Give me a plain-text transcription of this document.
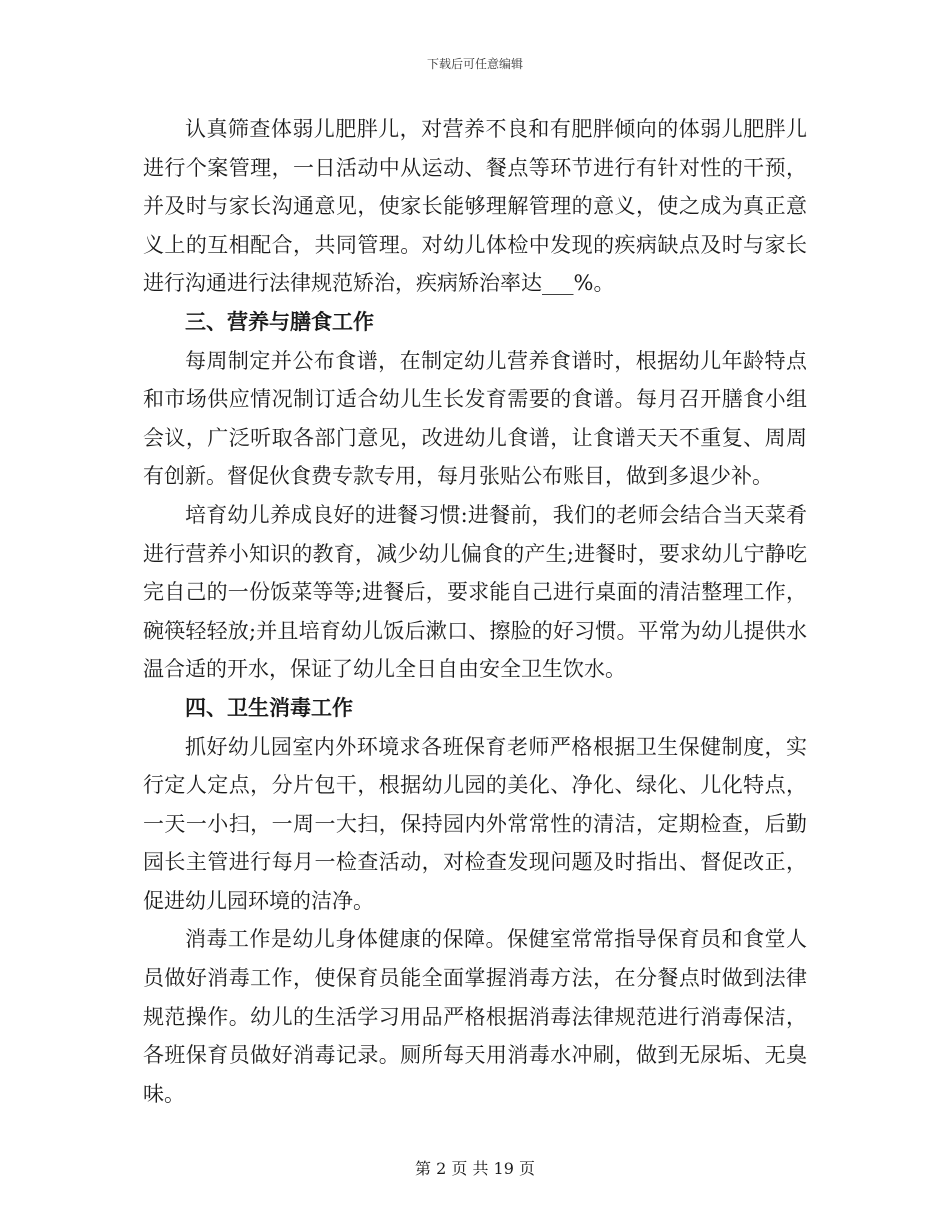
下载后可任意编辑

认真筛查体弱儿肥胖儿，对营养不良和有肥胖倾向的体弱儿肥胖儿进行个案管理，一日活动中从运动、餐点等环节进行有针对性的干预，并及时与家长沟通意见，使家长能够理解管理的意义，使之成为真正意义上的互相配合，共同管理。对幼儿体检中发现的疾病缺点及时与家长进行沟通进行法律规范矫治，疾病矫治率达___%。

三、营养与膳食工作

每周制定并公布食谱，在制定幼儿营养食谱时，根据幼儿年龄特点和市场供应情况制订适合幼儿生长发育需要的食谱。每月召开膳食小组会议，广泛听取各部门意见，改进幼儿食谱，让食谱天天不重复、周周有创新。督促伙食费专款专用，每月张贴公布账目，做到多退少补。

培育幼儿养成良好的进餐习惯:进餐前，我们的老师会结合当天菜肴进行营养小知识的教育，减少幼儿偏食的产生;进餐时，要求幼儿宁静吃完自己的一份饭菜等等;进餐后，要求能自己进行桌面的清洁整理工作，碗筷轻轻放;并且培育幼儿饭后漱口、擦脸的好习惯。平常为幼儿提供水温合适的开水，保证了幼儿全日自由安全卫生饮水。

四、卫生消毒工作

抓好幼儿园室内外环境求各班保育老师严格根据卫生保健制度，实行定人定点，分片包干，根据幼儿园的美化、净化、绿化、儿化特点，一天一小扫，一周一大扫，保持园内外常常性的清洁，定期检查，后勤园长主管进行每月一检查活动，对检查发现问题及时指出、督促改正，促进幼儿园环境的洁净。

消毒工作是幼儿身体健康的保障。保健室常常指导保育员和食堂人员做好消毒工作，使保育员能全面掌握消毒方法，在分餐点时做到法律规范操作。幼儿的生活学习用品严格根据消毒法律规范进行消毒保洁，各班保育员做好消毒记录。厕所每天用消毒水冲刷，做到无尿垢、无臭味。

第 2 页 共 19 页
